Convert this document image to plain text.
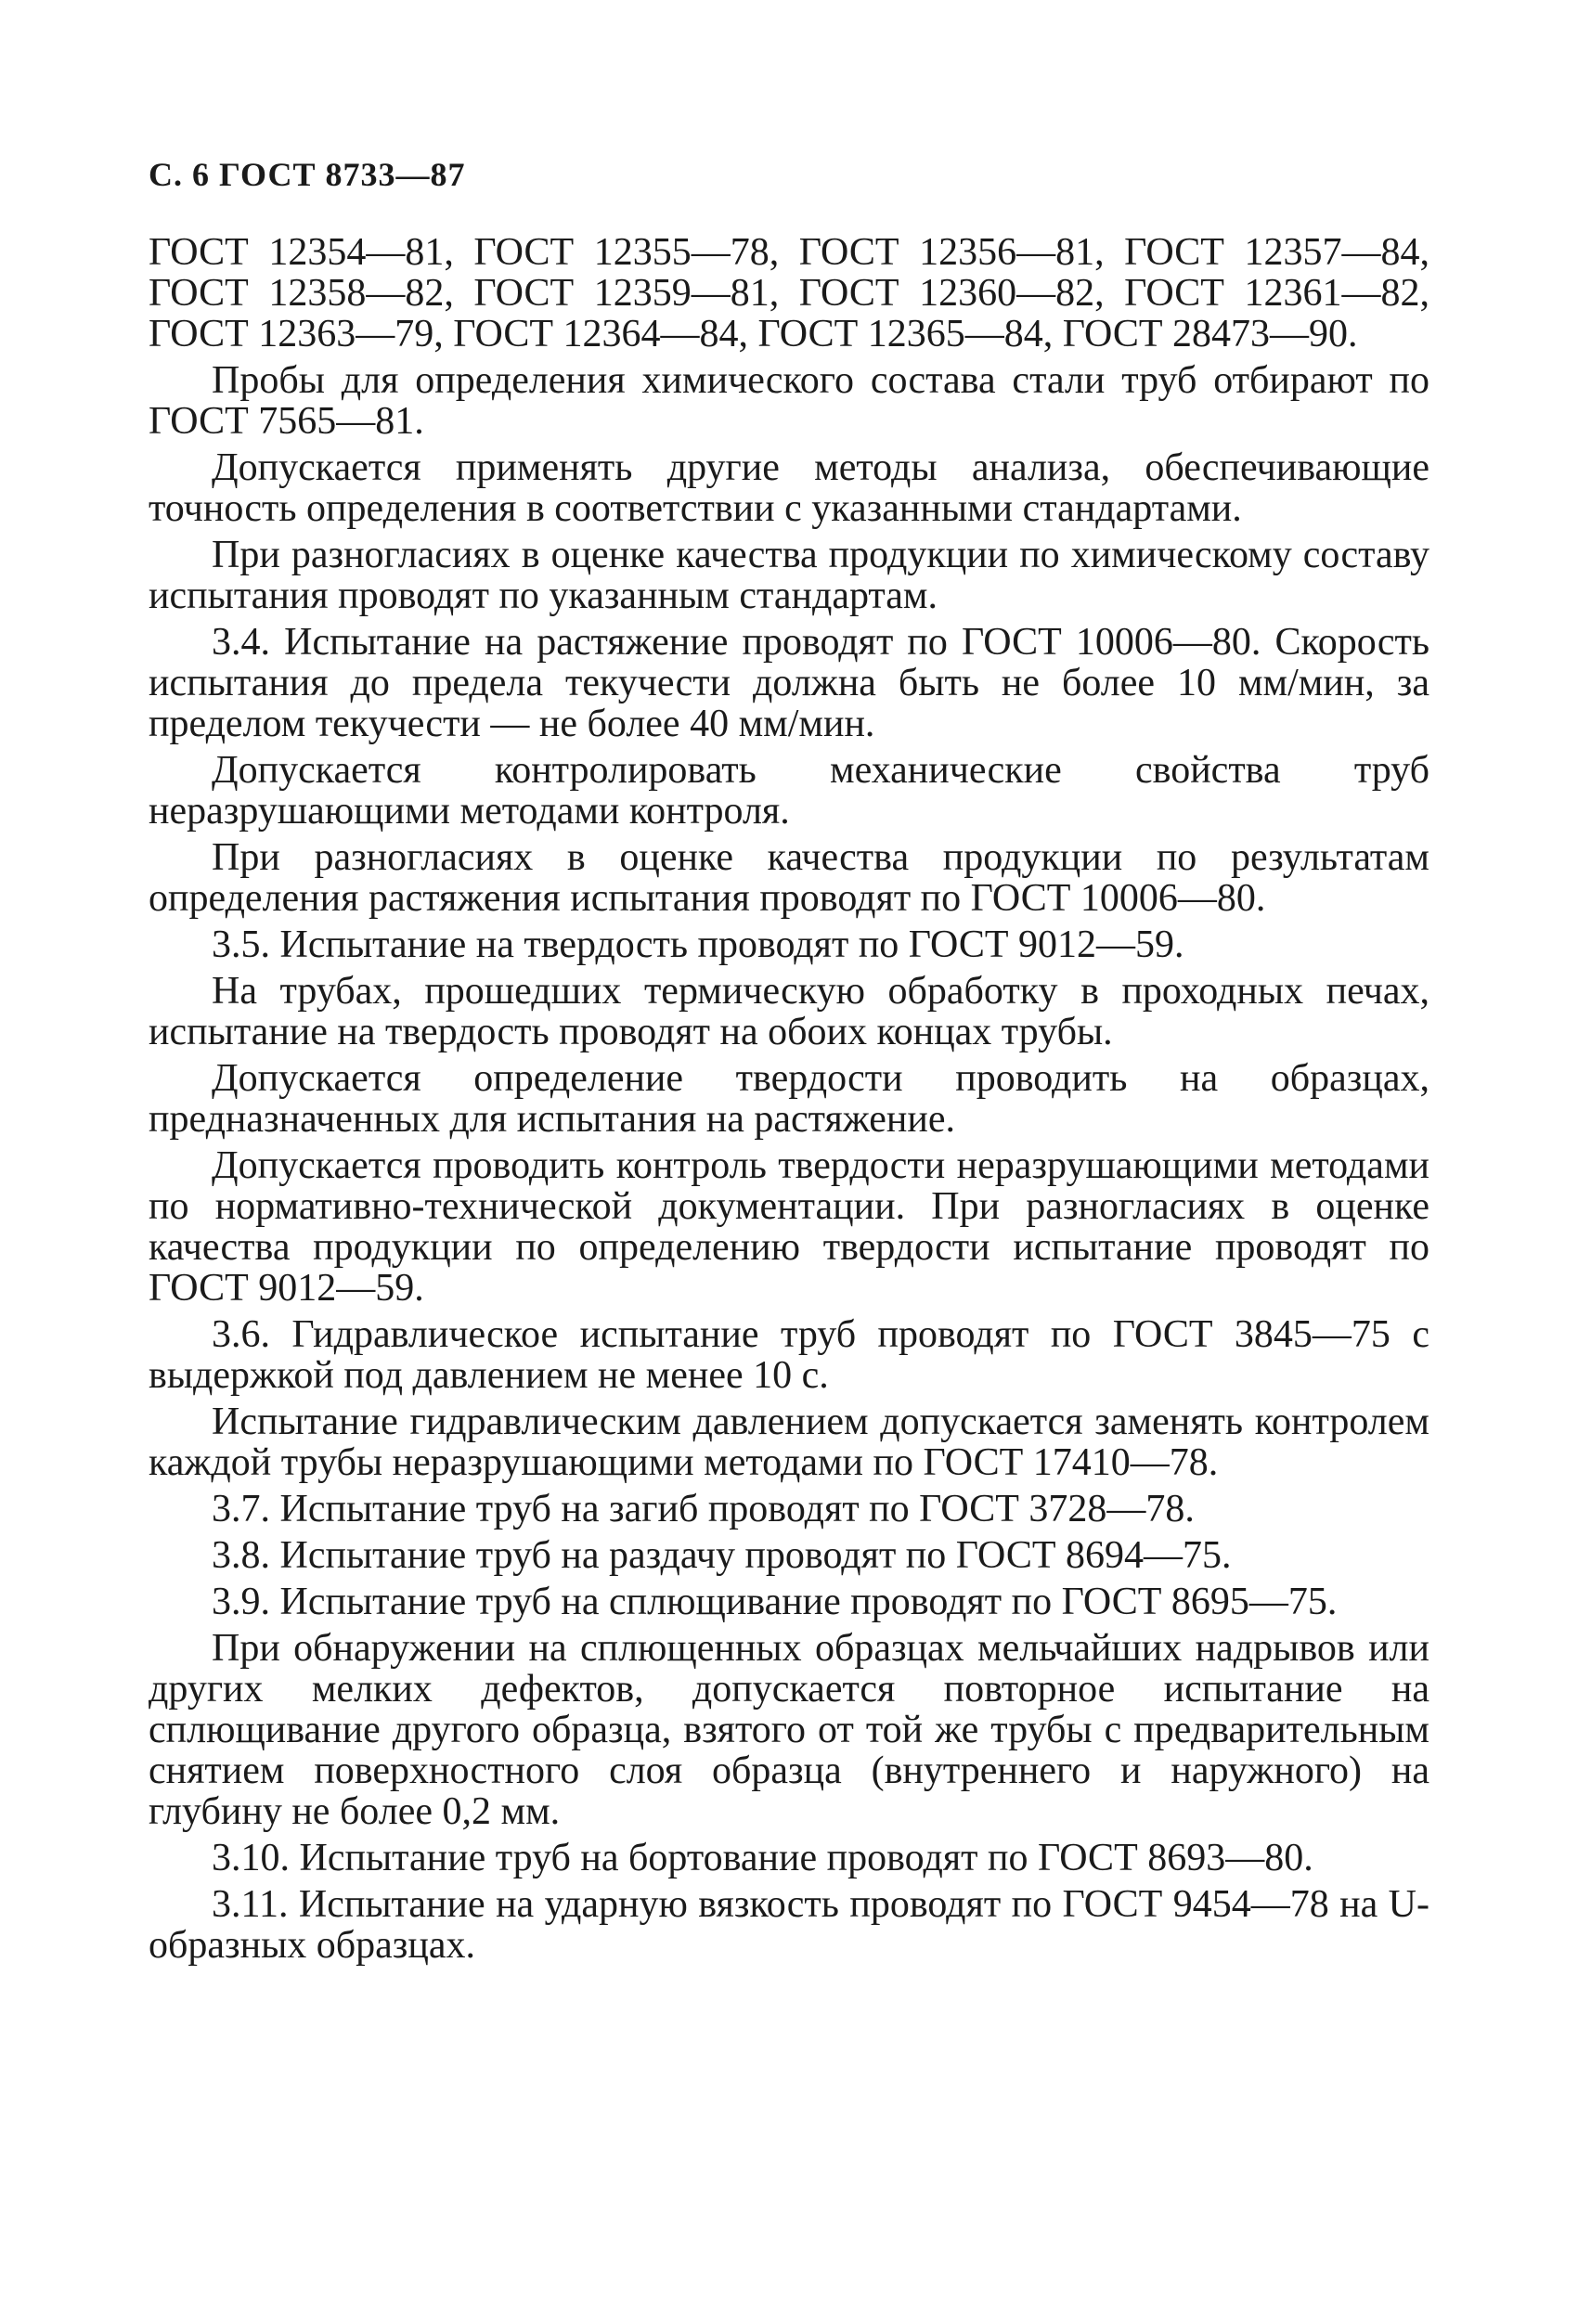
С. 6 ГОСТ 8733—87

ГОСТ 12354—81, ГОСТ 12355—78, ГОСТ 12356—81, ГОСТ 12357—84, ГОСТ 12358—82, ГОСТ 12359—81, ГОСТ 12360—82, ГОСТ 12361—82, ГОСТ 12363—79, ГОСТ 12364—84, ГОСТ 12365—84, ГОСТ 28473—90.

Пробы для определения химического состава стали труб отбирают по ГОСТ 7565—81.

Допускается применять другие методы анализа, обеспечивающие точность определения в соответствии с указанными стандартами.

При разногласиях в оценке качества продукции по химическому составу испытания проводят по указанным стандартам.

3.4. Испытание на растяжение проводят по ГОСТ 10006—80. Скорость испытания до предела текучести должна быть не более 10 мм/мин, за пределом текучести — не более 40 мм/мин.

Допускается контролировать механические свойства труб неразрушающими методами контроля.

При разногласиях в оценке качества продукции по результатам определения растяжения испытания проводят по ГОСТ 10006—80.

3.5. Испытание на твердость проводят по ГОСТ 9012—59.

На трубах, прошедших термическую обработку в проходных печах, испытание на твердость проводят на обоих концах трубы.

Допускается определение твердости проводить на образцах, предназначенных для испытания на растяжение.

Допускается проводить контроль твердости неразрушающими методами по нормативно-технической документации. При разногласиях в оценке качества продукции по определению твердости испытание проводят по ГОСТ 9012—59.

3.6. Гидравлическое испытание труб проводят по ГОСТ 3845—75 с выдержкой под давлением не менее 10 с.

Испытание гидравлическим давлением допускается заменять контролем каждой трубы неразрушающими методами по ГОСТ 17410—78.

3.7. Испытание труб на загиб проводят по ГОСТ 3728—78.

3.8. Испытание труб на раздачу проводят по ГОСТ 8694—75.

3.9. Испытание труб на сплющивание проводят по ГОСТ 8695—75.

При обнаружении на сплющенных образцах мельчайших надрывов или других мелких дефектов, допускается повторное испытание на сплющивание другого образца, взятого от той же трубы с предварительным снятием поверхностного слоя образца (внутреннего и наружного) на глубину не более 0,2 мм.

3.10. Испытание труб на бортование проводят по ГОСТ 8693—80.

3.11. Испытание на ударную вязкость проводят по ГОСТ 9454—78 на U-образных образцах.
